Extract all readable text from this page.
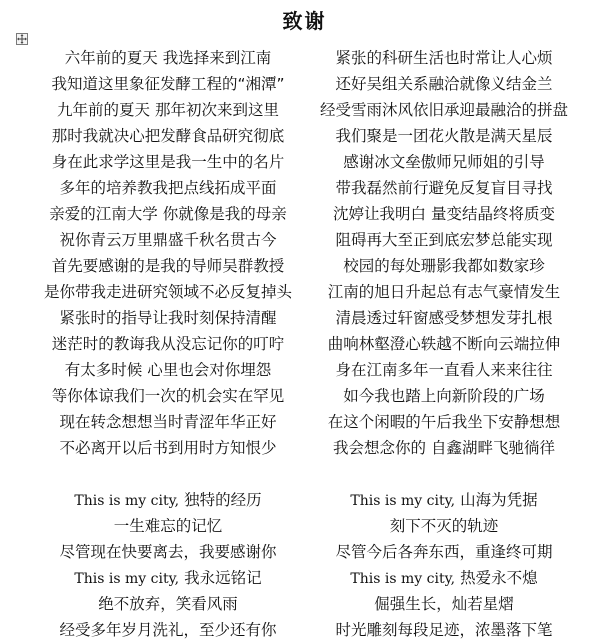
致谢
六年前的夏天 我选择来到江南
我知道这里象征发酵工程的“湘潭”
九年前的夏天 那年初次来到这里
那时我就决心把发酵食品研究彻底
身在此求学这里是我一生中的名片
多年的培养教我把点线拓成平面
亲爱的江南大学 你就像是我的母亲
祝你青云万里鼎盛千秋名贯古今
首先要感谢的是我的导师吴群教授
是你带我走进研究领域不必反复掉头
紧张时的指导让我时刻保持清醒
迷茫时的教诲我从没忘记你的叮咛
有太多时候 心里也会对你埋怨
等你体谅我们一次的机会实在罕见
现在转念想想当时青涩年华正好
不必离开以后书到用时方知恨少
This is my city, 独特的经历
一生难忘的记忆
尽管现在快要离去，我要感谢你
This is my city, 我永远铭记
绝不放弃，笑看风雨
经受多年岁月洗礼，至少还有你
紧张的科研生活也时常让人心烦
还好吴组关系融洽就像义结金兰
经受雪雨沐风依旧承迎最融洽的拼盘
我们聚是一团花火散是满天星辰
感谢冰文垒傲师兄师姐的引导
带我磊然前行避免反复盲目寻找
沈婷让我明白 量变结晶终将质变
阻碍再大至正到底宏梦总能实现
校园的每处珊影我都如数家珍
江南的旭日升起总有志气豪情发生
清晨透过轩窗感受梦想发芽扎根
曲响林壑澄心轶越不断向云端拉伸
身在江南多年一直看人来来往往
如今我也踏上向新阶段的广场
在这个闲暇的午后我坐下安静想想
我会想念你的 自鑫湖畔飞驰徜徉
This is my city, 山海为凭据
刻下不灭的轨迹
尽管今后各奔东西，重逢终可期
This is my city, 热爱永不熄
倔强生长，灿若星熠
时光雕刻每段足迹，浓墨落下笔
